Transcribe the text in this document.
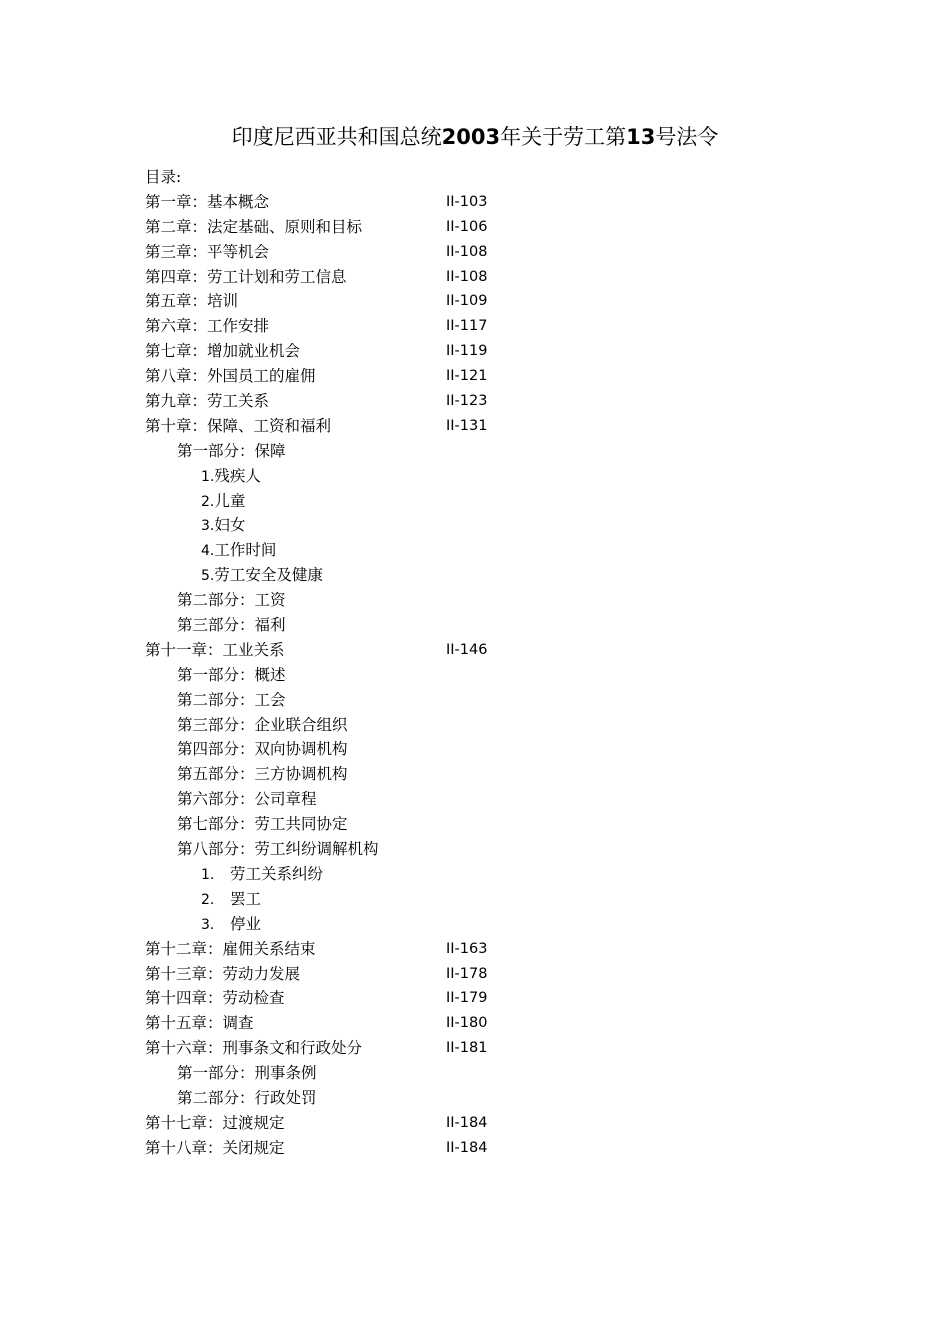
印度尼西亚共和国总统2003年关于劳工第13号法令
目录:
第一章：基本概念	II-103
第二章：法定基础、原则和目标	II-106
第三章：平等机会	II-108
第四章：劳工计划和劳工信息	II-108
第五章：培训	II-109
第六章：工作安排	II-117
第七章：增加就业机会	II-119
第八章：外国员工的雇佣	II-121
第九章：劳工关系	II-123
第十章：保障、工资和福利	II-131
第一部分：保障
1.残疾人
2.儿童
3.妇女
4.工作时间
5.劳工安全及健康
第二部分：工资
第三部分：福利
第十一章：工业关系	II-146
第一部分：概述
第二部分：工会
第三部分：企业联合组织
第四部分：双向协调机构
第五部分：三方协调机构
第六部分：公司章程
第七部分：劳工共同协定
第八部分：劳工纠纷调解机构
1. 劳工关系纠纷
2. 罢工
3. 停业
第十二章：雇佣关系结束	II-163
第十三章：劳动力发展	II-178
第十四章：劳动检查	II-179
第十五章：调查	II-180
第十六章：刑事条文和行政处分	II-181
第一部分：刑事条例
第二部分：行政处罚
第十七章：过渡规定	II-184
第十八章：关闭规定	II-184
